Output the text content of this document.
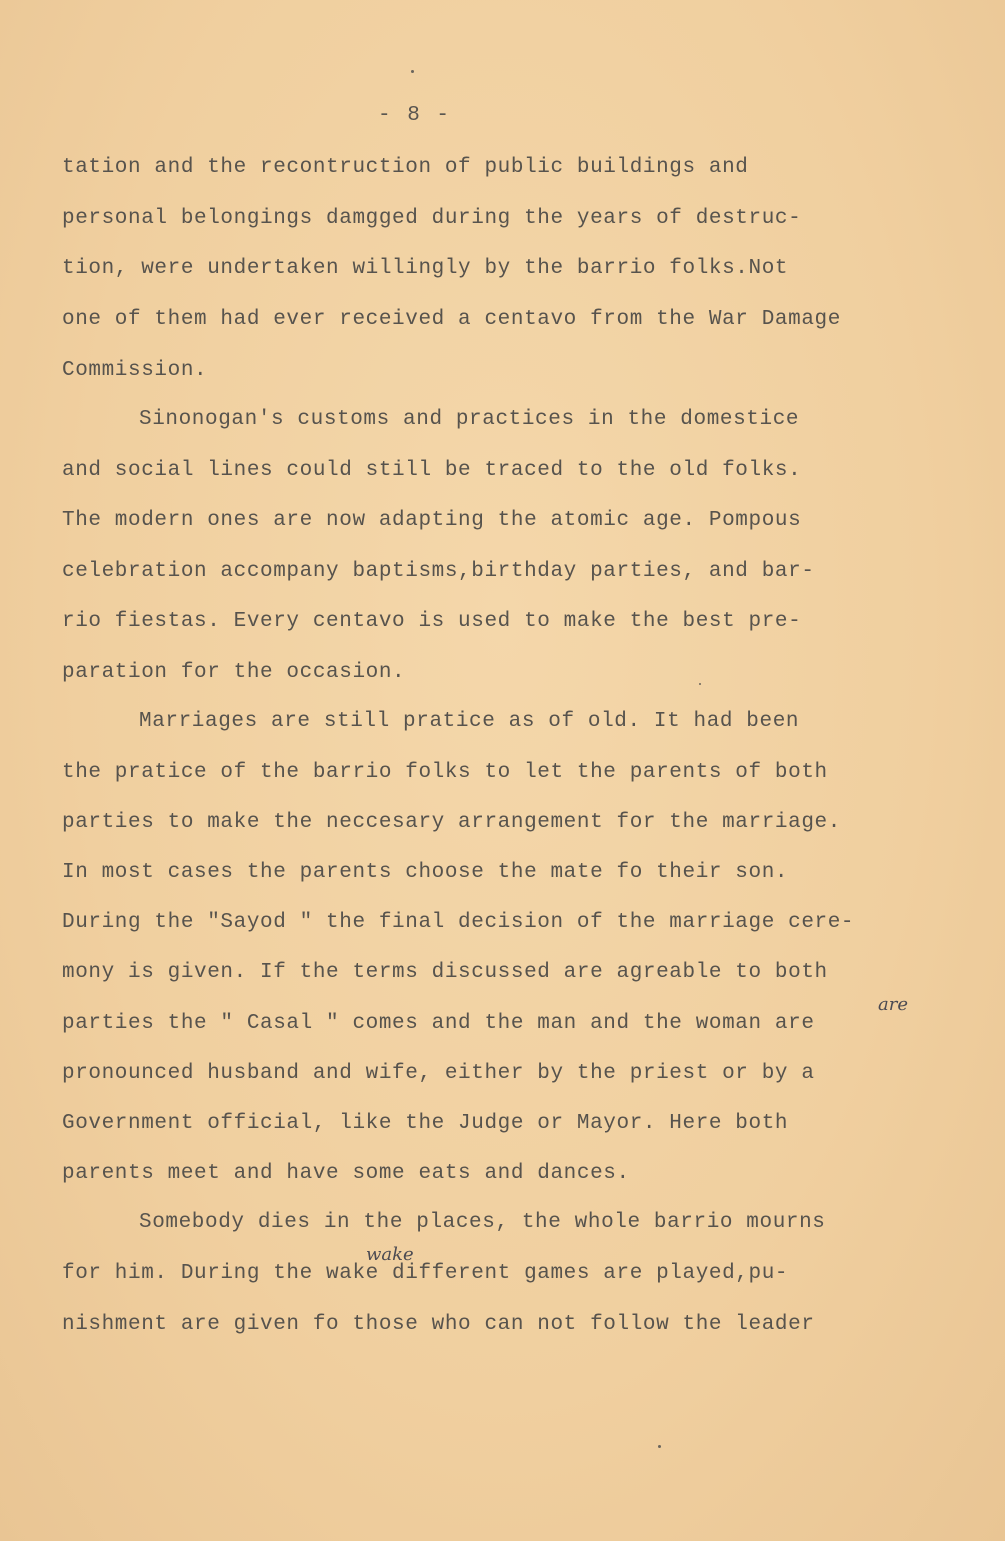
- 8 -
tation and the recontruction of public buildings and
personal belongings damgged during the years of destruc-
tion, were undertaken willingly by the barrio folks.Not
one of them had ever received a centavo from the War Damage
Commission.
Sinonogan's customs and practices in the domestice
and social lines could still be traced to the old folks.
The modern ones are now adapting the atomic age. Pompous
celebration accompany baptisms,birthday parties, and bar-
rio fiestas. Every centavo is used to make the best pre-
paration for the occasion.
Marriages are still pratice as of old. It had been
the pratice of the barrio folks to let the parents of both
parties to make the neccesary arrangement for the marriage.
In most cases the parents choose the mate fo their son.
During the "Sayod " the final decision of the marriage cere-
mony is given. If the terms discussed are agreable to both
parties the " Casal " comes and the man and the woman are
pronounced husband and wife, either by the priest or by a
Government official, like the Judge or Mayor. Here both
parents meet and have some eats and dances.
Somebody dies in the places, the whole barrio mourns
for him. During the wake different games are played,pu-
nishment are given fo those who can not follow the leader
are
wake
